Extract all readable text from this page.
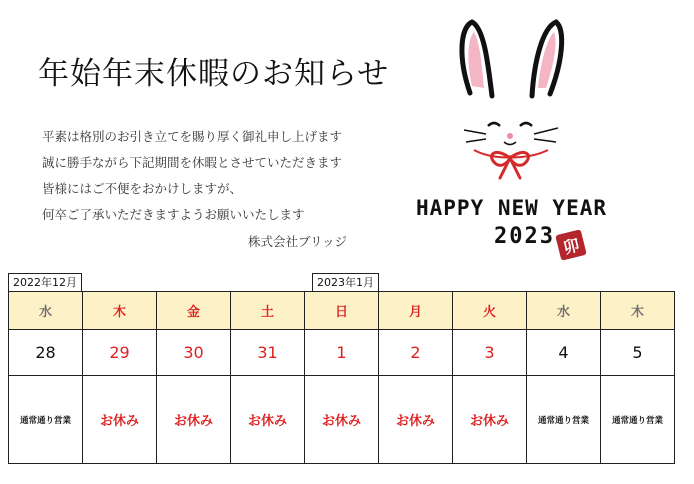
年始年末休暇のお知らせ
平素は格別のお引き立てを賜り厚く御礼申し上げます
誠に勝手ながら下記期間を休暇とさせていただきます
皆様にはご不便をおかけしますが、
何卒ご了承いただきますようお願いいたします
株式会社ブリッジ
HAPPY NEW YEAR
2023 卯
2022年12月	2023年1月
水	木	金	土	日	月	火	水	木
28	29	30	31	1	2	3	4	5
通常通り営業	お休み	お休み	お休み	お休み	お休み	お休み	通常通り営業	通常通り営業
